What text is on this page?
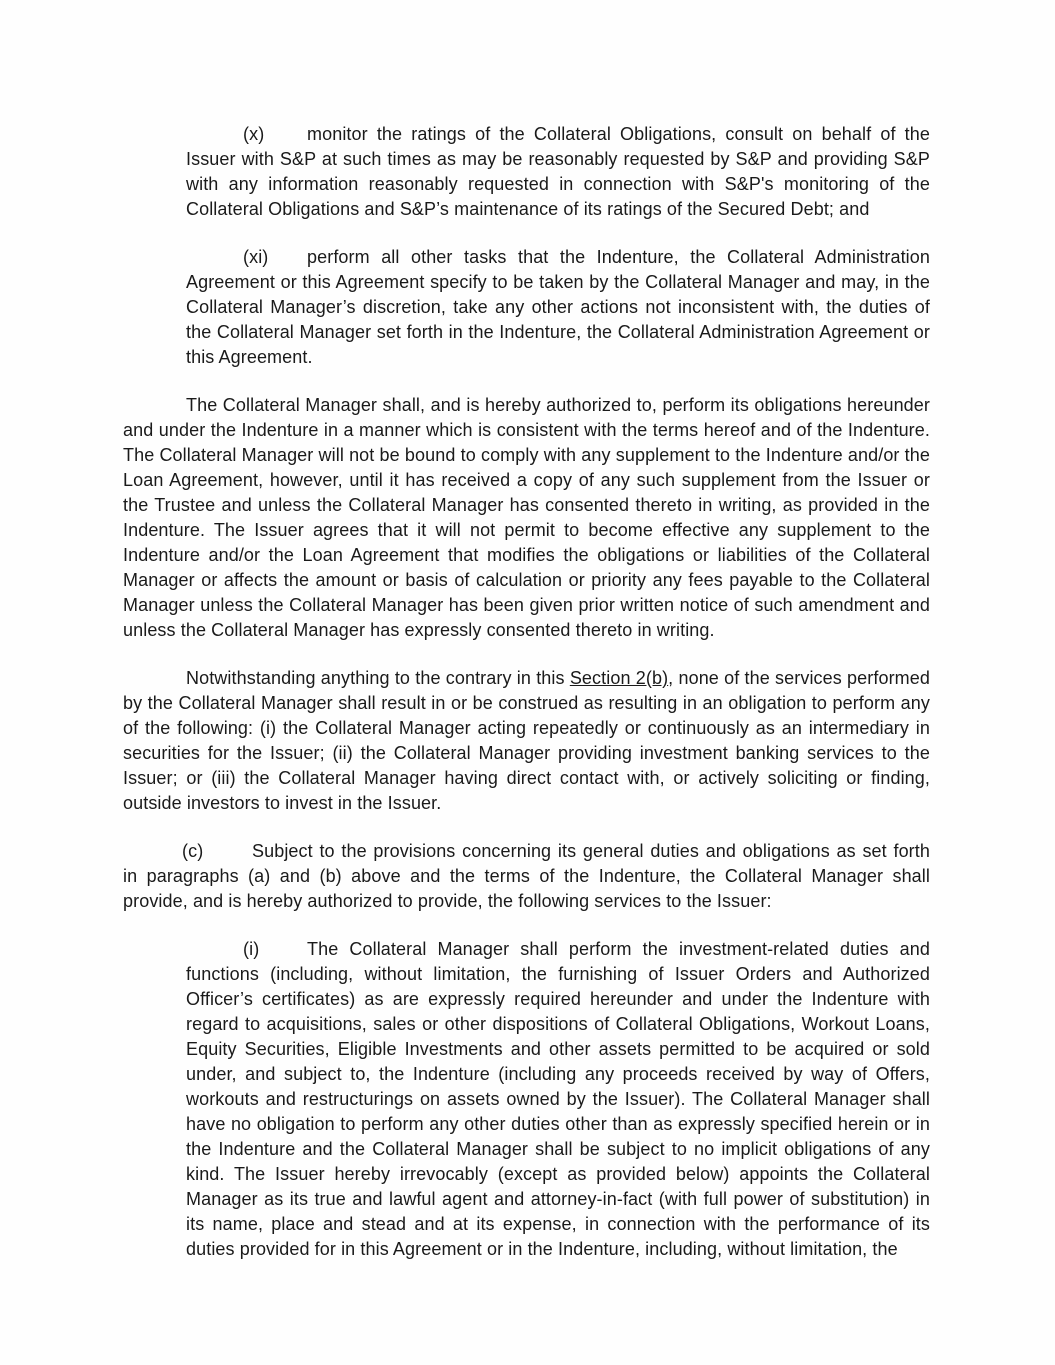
(x) monitor the ratings of the Collateral Obligations, consult on behalf of the Issuer with S&P at such times as may be reasonably requested by S&P and providing S&P with any information reasonably requested in connection with S&P's monitoring of the Collateral Obligations and S&P’s maintenance of its ratings of the Secured Debt; and

(xi) perform all other tasks that the Indenture, the Collateral Administration Agreement or this Agreement specify to be taken by the Collateral Manager and may, in the Collateral Manager’s discretion, take any other actions not inconsistent with, the duties of the Collateral Manager set forth in the Indenture, the Collateral Administration Agreement or this Agreement.

The Collateral Manager shall, and is hereby authorized to, perform its obligations hereunder and under the Indenture in a manner which is consistent with the terms hereof and of the Indenture. The Collateral Manager will not be bound to comply with any supplement to the Indenture and/or the Loan Agreement, however, until it has received a copy of any such supplement from the Issuer or the Trustee and unless the Collateral Manager has consented thereto in writing, as provided in the Indenture. The Issuer agrees that it will not permit to become effective any supplement to the Indenture and/or the Loan Agreement that modifies the obligations or liabilities of the Collateral Manager or affects the amount or basis of calculation or priority any fees payable to the Collateral Manager unless the Collateral Manager has been given prior written notice of such amendment and unless the Collateral Manager has expressly consented thereto in writing.

Notwithstanding anything to the contrary in this Section 2(b), none of the services performed by the Collateral Manager shall result in or be construed as resulting in an obligation to perform any of the following: (i) the Collateral Manager acting repeatedly or continuously as an intermediary in securities for the Issuer; (ii) the Collateral Manager providing investment banking services to the Issuer; or (iii) the Collateral Manager having direct contact with, or actively soliciting or finding, outside investors to invest in the Issuer.

(c)	Subject to the provisions concerning its general duties and obligations as set forth in paragraphs (a) and (b) above and the terms of the Indenture, the Collateral Manager shall provide, and is hereby authorized to provide, the following services to the Issuer:

(i)	The Collateral Manager shall perform the investment-related duties and functions (including, without limitation, the furnishing of Issuer Orders and Authorized Officer’s certificates) as are expressly required hereunder and under the Indenture with regard to acquisitions, sales or other dispositions of Collateral Obligations, Workout Loans, Equity Securities, Eligible Investments and other assets permitted to be acquired or sold under, and subject to, the Indenture (including any proceeds received by way of Offers, workouts and restructurings on assets owned by the Issuer). The Collateral Manager shall have no obligation to perform any other duties other than as expressly specified herein or in the Indenture and the Collateral Manager shall be subject to no implicit obligations of any kind. The Issuer hereby irrevocably (except as provided below) appoints the Collateral Manager as its true and lawful agent and attorney-in-fact (with full power of substitution) in its name, place and stead and at its expense, in connection with the performance of its duties provided for in this Agreement or in the Indenture, including, without limitation, the
